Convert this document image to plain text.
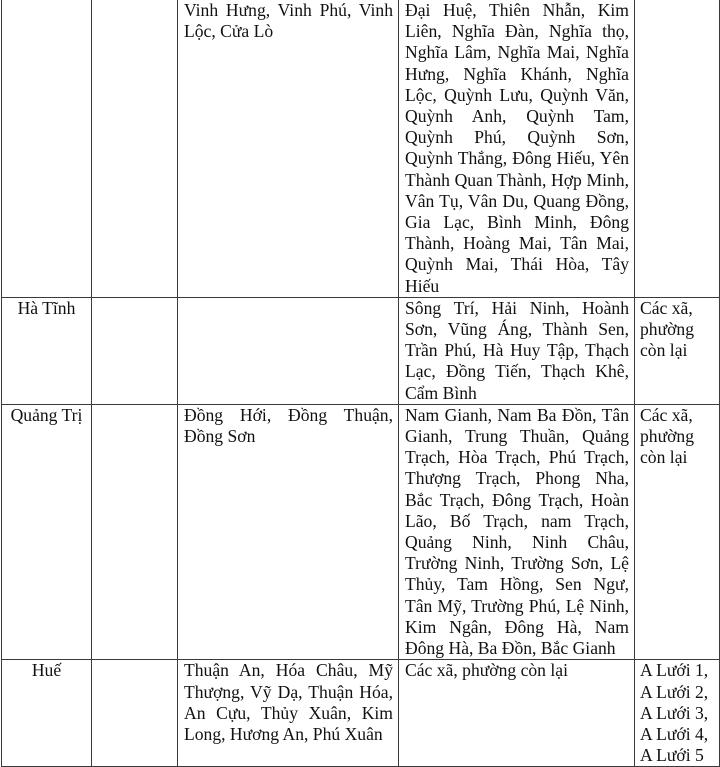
		Vinh Hưng, Vinh Phú, Vinh Lộc, Cửa Lò	Đại Huệ, Thiên Nhẫn, Kim Liên, Nghĩa Đàn, Nghĩa thọ, Nghĩa Lâm, Nghĩa Mai, Nghĩa Hưng, Nghĩa Khánh, Nghĩa Lộc, Quỳnh Lưu, Quỳnh Văn, Quỳnh Anh, Quỳnh Tam, Quỳnh Phú, Quỳnh Sơn, Quỳnh Thắng, Đông Hiếu, Yên Thành Quan Thành, Hợp Minh, Vân Tụ, Vân Du, Quang Đồng, Gia Lạc, Bình Minh, Đông Thành, Hoàng Mai, Tân Mai, Quỳnh Mai, Thái Hòa, Tây Hiếu	
Hà Tĩnh			Sông Trí, Hải Ninh, Hoành Sơn, Vũng Áng, Thành Sen, Trần Phú, Hà Huy Tập, Thạch Lạc, Đồng Tiến, Thạch Khê, Cẩm Bình	Các xã, phường còn lại
Quảng Trị		Đồng Hới, Đồng Thuận, Đồng Sơn	Nam Gianh, Nam Ba Đồn, Tân Gianh, Trung Thuần, Quảng Trạch, Hòa Trạch, Phú Trạch, Thượng Trạch, Phong Nha, Bắc Trạch, Đông Trạch, Hoàn Lão, Bố Trạch, nam Trạch, Quảng Ninh, Ninh Châu, Trường Ninh, Trường Sơn, Lệ Thủy, Tam Hồng, Sen Ngư, Tân Mỹ, Trường Phú, Lệ Ninh, Kim Ngân, Đông Hà, Nam Đông Hà, Ba Đồn, Bắc Gianh	Các xã, phường còn lại
Huế		Thuận An, Hóa Châu, Mỹ Thượng, Vỹ Dạ, Thuận Hóa, An Cựu, Thủy Xuân, Kim Long, Hương An, Phú Xuân	Các xã, phường còn lại	A Lưới 1, A Lưới 2, A Lưới 3, A Lưới 4, A Lưới 5
